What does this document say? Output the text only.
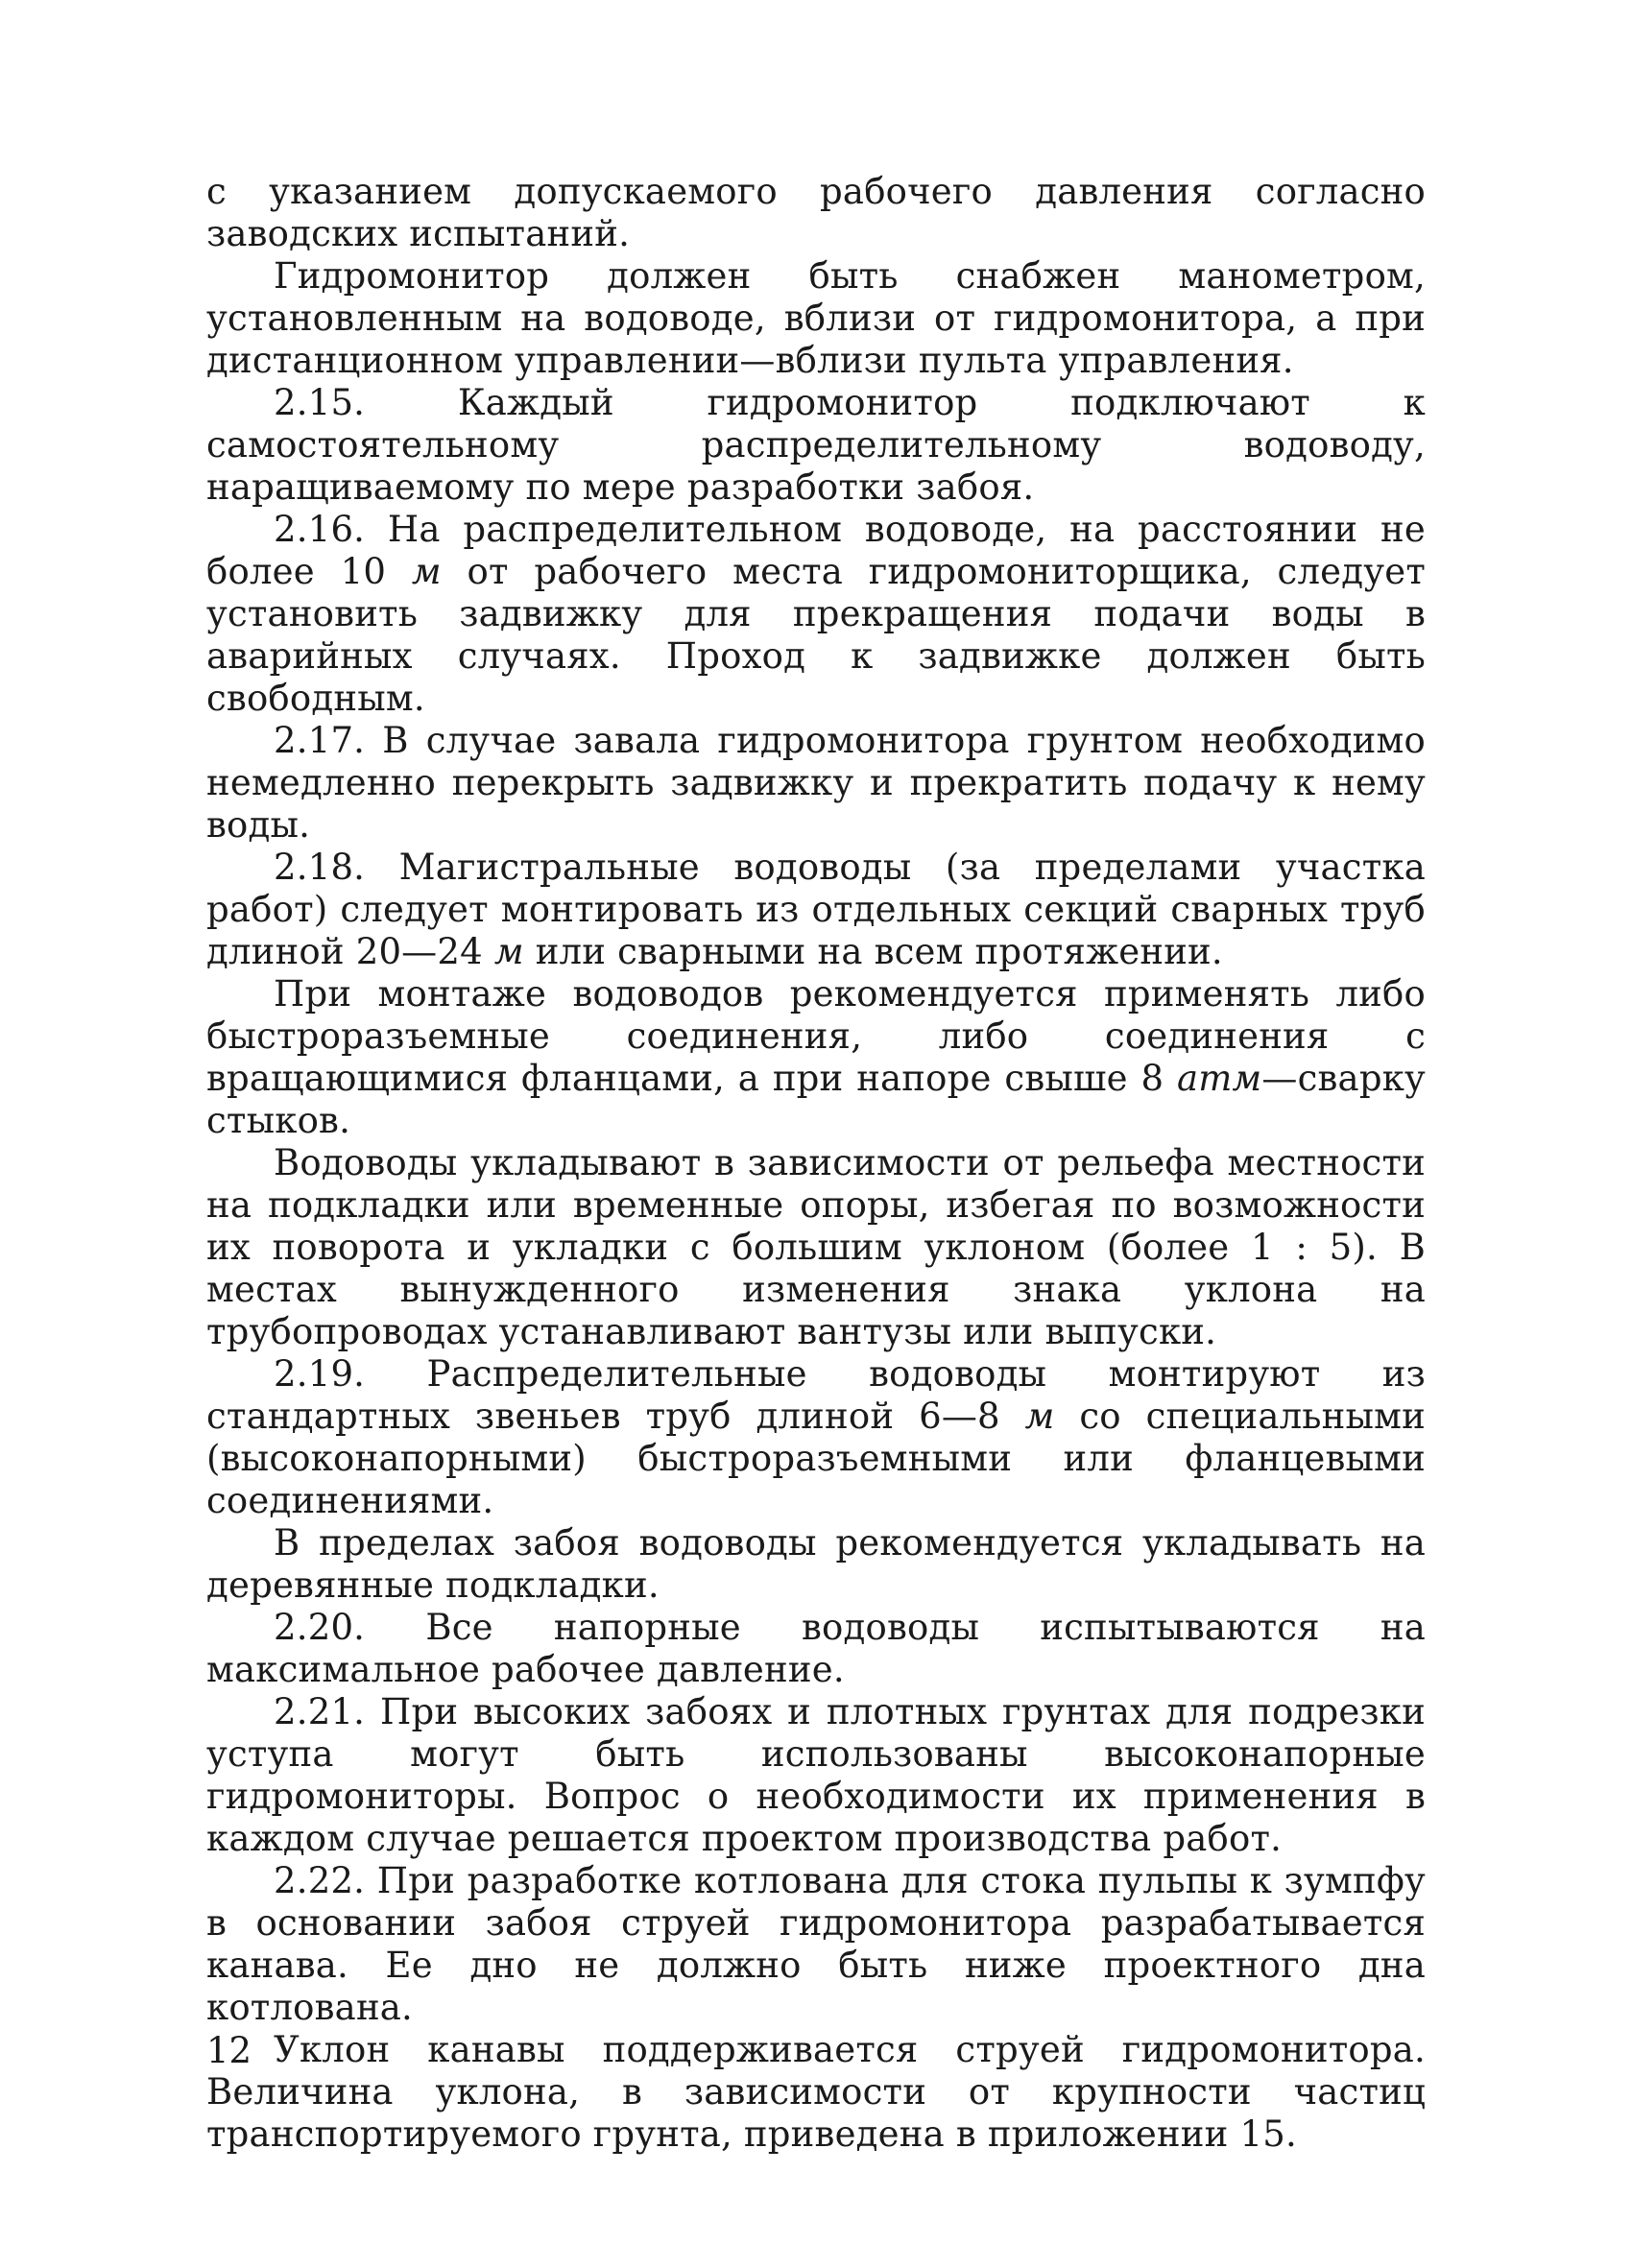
с указанием допускаемого рабочего давления согласно заводских испытаний.

Гидромонитор должен быть снабжен манометром, установленным на водоводе, вблизи от гидромонитора, а при дистанционном управлении—вблизи пульта управления.

2.15.	Каждый гидромонитор подключают к самостоятельному распределительному водоводу, наращиваемому по мере разработки забоя.

2.16. На распределительном водоводе, на расстоянии не более 10 м от рабочего места гидромониторщика, следует установить задвижку для прекращения подачи воды в аварийных случаях. Проход к задвижке должен быть свободным.

2.17. В случае завала гидромонитора грунтом необходимо немедленно перекрыть задвижку и прекратить подачу к нему воды.

2.18. Магистральные водоводы (за пределами участка работ) следует монтировать из отдельных секций сварных труб длиной 20—24 м или сварными на всем протяжении.

При монтаже водоводов рекомендуется применять либо быстроразъемные соединения, либо соединения с вращающимися фланцами, а при напоре свыше 8 атм—сварку стыков.

Водоводы укладывают в зависимости от рельефа местности на подкладки или временные опоры, избегая по возможности их поворота и укладки с большим уклоном (более 1 : 5). В местах вынужденного изменения знака уклона на трубопроводах устанавливают вантузы или выпуски.

2.19. Распределительные водоводы монтируют из стандартных звеньев труб длиной 6—8 м со специальными (высоконапорными) быстроразъемными или фланцевыми соединениями.

В пределах забоя водоводы рекомендуется укладывать на деревянные подкладки.

2.20. Все напорные водоводы испытываются на максимальное рабочее давление.

2.21. При высоких забоях и плотных грунтах для подрезки уступа могут быть использованы высоконапорные гидромониторы. Вопрос о необходимости их применения в каждом случае решается проектом производства работ.

2.22. При разработке котлована для стока пульпы к зумпфу в основании забоя струей гидромонитора разрабатывается канава. Ее дно не должно быть ниже проектного дна котлована.

Уклон канавы поддерживается струей гидромонитора. Величина уклона, в зависимости от крупности частиц транспортируемого грунта, приведена в приложении 15.

12
